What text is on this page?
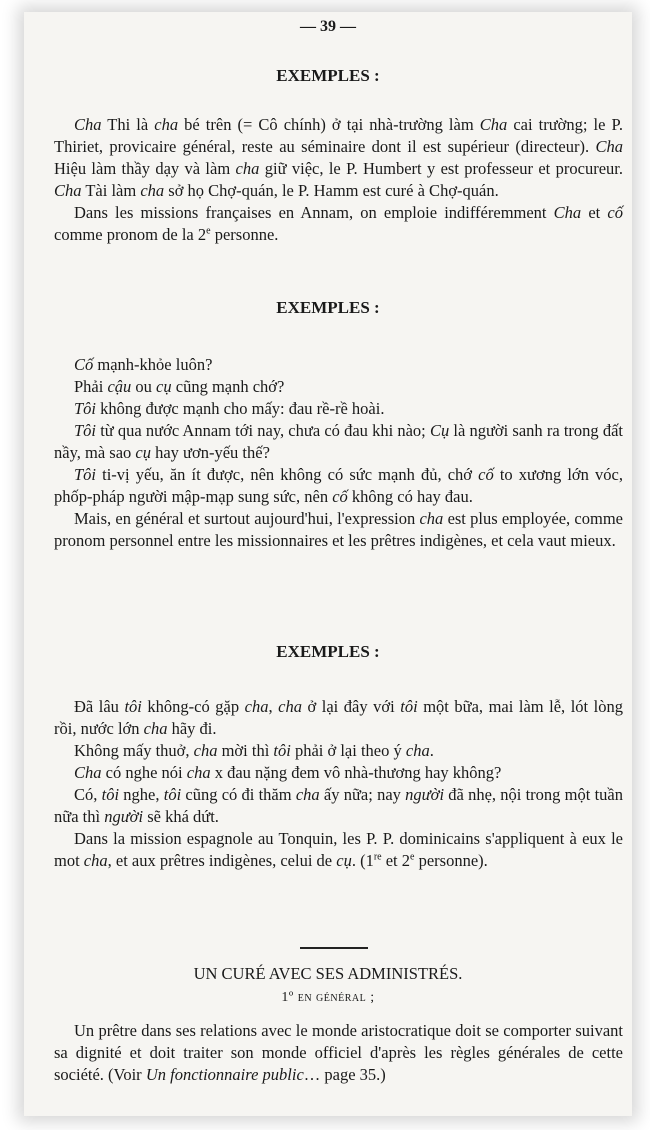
— 39 —
EXEMPLES :

Cha Thi là cha bé trên (= Cô chính) ở tại nhà-trường làm Cha cai trường; le P. Thiriet, provicaire général, reste au séminaire dont il est supérieur (directeur). Cha Hiệu làm thầy dạy và làm cha giữ việc, le P. Humbert y est professeur et procureur. Cha Tài làm cha sở họ Chợ-quán, le P. Hamm est curé à Chợ-quán.

Dans les missions françaises en Annam, on emploie indifféremment Cha et cố comme pronom de la 2e personne.

EXEMPLES :

Cố mạnh-khỏe luôn?

Phải cậu ou cụ cũng mạnh chớ?

Tôi không được mạnh cho mấy: đau rề-rề hoài.

Tôi từ qua nước Annam tới nay, chưa có đau khi nào; Cụ là người sanh ra trong đất nầy, mà sao cụ hay ươn-yếu thế?

Tôi ti-vị yếu, ăn ít được, nên không có sức mạnh đủ, chớ cố to xương lớn vóc, phốp-pháp người mập-mạp sung sức, nên cố không có hay đau.

Mais, en général et surtout aujourd'hui, l'expression cha est plus employée, comme pronom personnel entre les missionnaires et les prêtres indigènes, et cela vaut mieux.

EXEMPLES :

Đã lâu tôi không-có gặp cha, cha ở lại đây với tôi một bữa, mai làm lễ, lót lòng rồi, nước lớn cha hãy đi.

Không mấy thuở, cha mời thì tôi phải ở lại theo ý cha.

Cha có nghe nói cha x đau nặng đem vô nhà-thương hay không?

Có, tôi nghe, tôi cũng có đi thăm cha ấy nữa; nay người đã nhẹ, nội trong một tuần nữa thì người sẽ khá dứt.

Dans la mission espagnole au Tonquin, les P. P. dominicains s'appliquent à eux le mot cha, et aux prêtres indigènes, celui de cụ. (1re et 2e personne).

UN CURÉ AVEC SES ADMINISTRÉS.
1º en général ;

Un prêtre dans ses relations avec le monde aristocratique doit se comporter suivant sa dignité et doit traiter son monde officiel d'après les règles générales de cette société. (Voir Un fonctionnaire public… page 35.)
